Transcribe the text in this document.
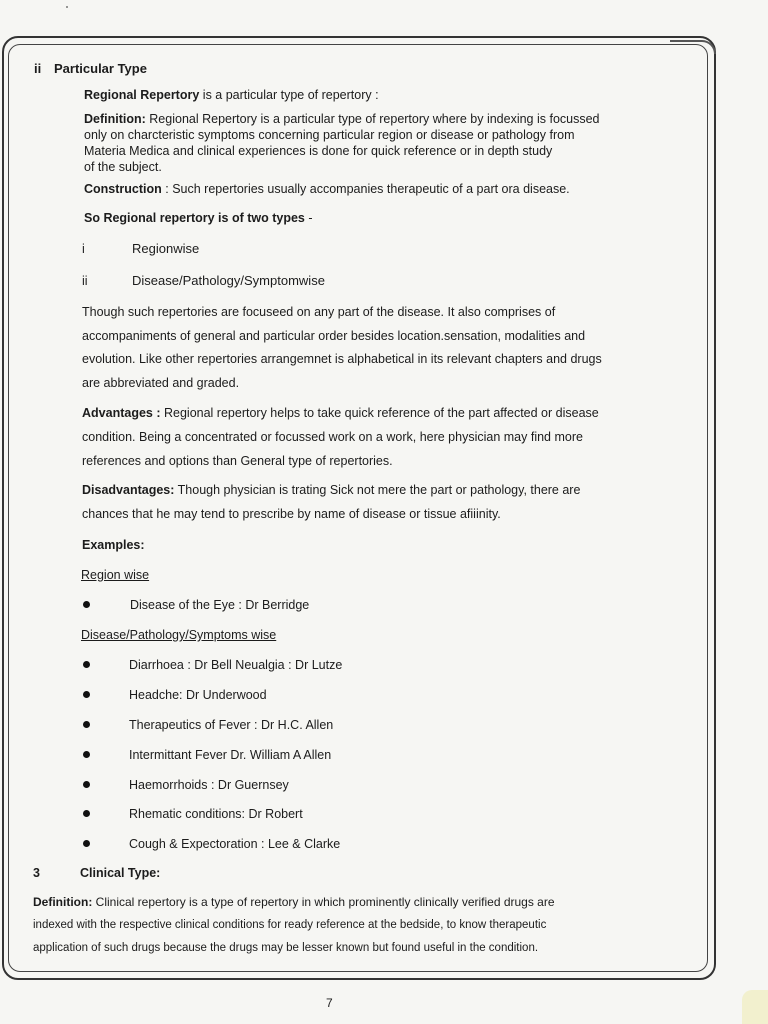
ii Particular Type
Regional Repertory is a particular type of repertory :
Definition: Regional Repertory is a particular type of repertory where by indexing is focussed
only on charcteristic symptoms concerning particular region or disease or pathology from
Materia Medica and clinical experiences is done for quick reference or in depth study
of the subject.
Construction : Such repertories usually accompanies therapeutic of a part ora disease.
So Regional repertory is of two types -
i	Regionwise
ii	Disease/Pathology/Symptomwise
Though such repertories are focuseed on any part of the disease. It also comprises of
accompaniments of general and particular order besides location.sensation, modalities and
evolution. Like other repertories arrangemnet is alphabetical in its relevant chapters and drugs
are abbreviated and graded.
Advantages : Regional repertory helps to take quick reference of the part affected or disease
condition. Being a concentrated or focussed work on a work, here physician may find more
references and options than General type of repertories.
Disadvantages: Though physician is trating Sick not mere the part or pathology, there are
chances that he may tend to prescribe by name of disease or tissue afiiinity.
Examples:
Region wise
Disease of the Eye : Dr Berridge
Disease/Pathology/Symptoms wise
Diarrhoea : Dr Bell Neualgia : Dr Lutze
Headche: Dr Underwood
Therapeutics of Fever : Dr H.C. Allen
Intermittant Fever Dr. William A Allen
Haemorrhoids : Dr Guernsey
Rhematic conditions: Dr Robert
Cough & Expectoration : Lee & Clarke
3	Clinical Type:
Definition: Clinical repertory is a type of repertory in which prominently clinically verified drugs are
indexed with the respective clinical conditions for ready reference at the bedside, to know therapeutic
application of such drugs because the drugs may be lesser known but found useful in the condition.
7
